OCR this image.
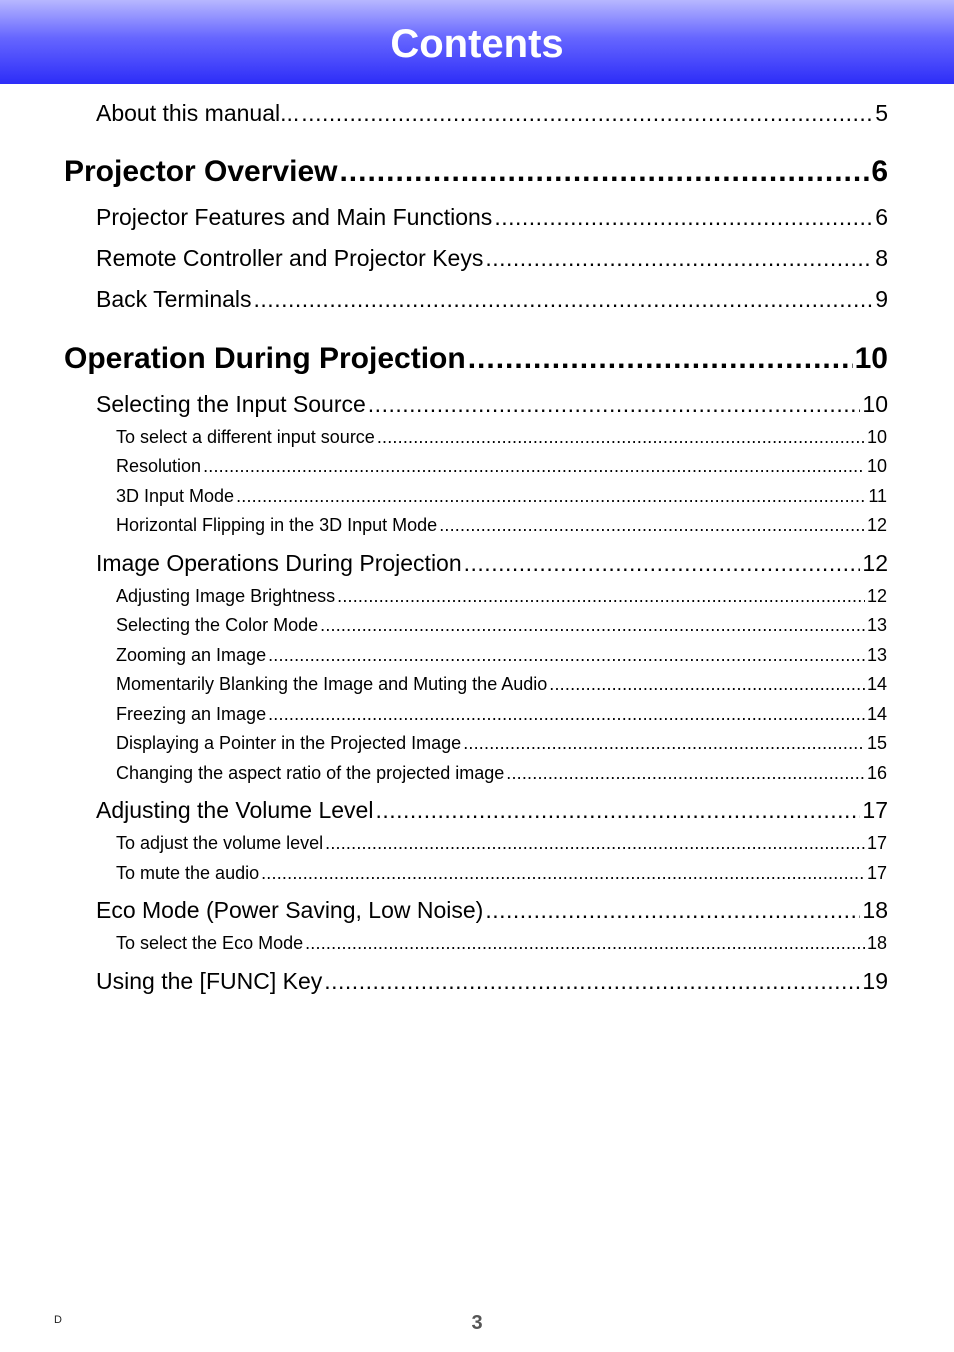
Contents
About this manual... .....	5
Projector Overview .....	6
Projector Features and Main Functions .....	6
Remote Controller and Projector Keys .....	8
Back Terminals .....	9
Operation During Projection .....	10
Selecting the Input Source .....	10
To select a different input source .....	10
Resolution .....	10
3D Input Mode .....	11
Horizontal Flipping in the 3D Input Mode .....	12
Image Operations During Projection .....	12
Adjusting Image Brightness .....	12
Selecting the Color Mode .....	13
Zooming an Image .....	13
Momentarily Blanking the Image and Muting the Audio .....	14
Freezing an Image .....	14
Displaying a Pointer in the Projected Image .....	15
Changing the aspect ratio of the projected image .....	16
Adjusting the Volume Level .....	17
To adjust the volume level .....	17
To mute the audio .....	17
Eco Mode (Power Saving, Low Noise) .....	18
To select the Eco Mode .....	18
Using the [FUNC] Key .....	19
D	3
